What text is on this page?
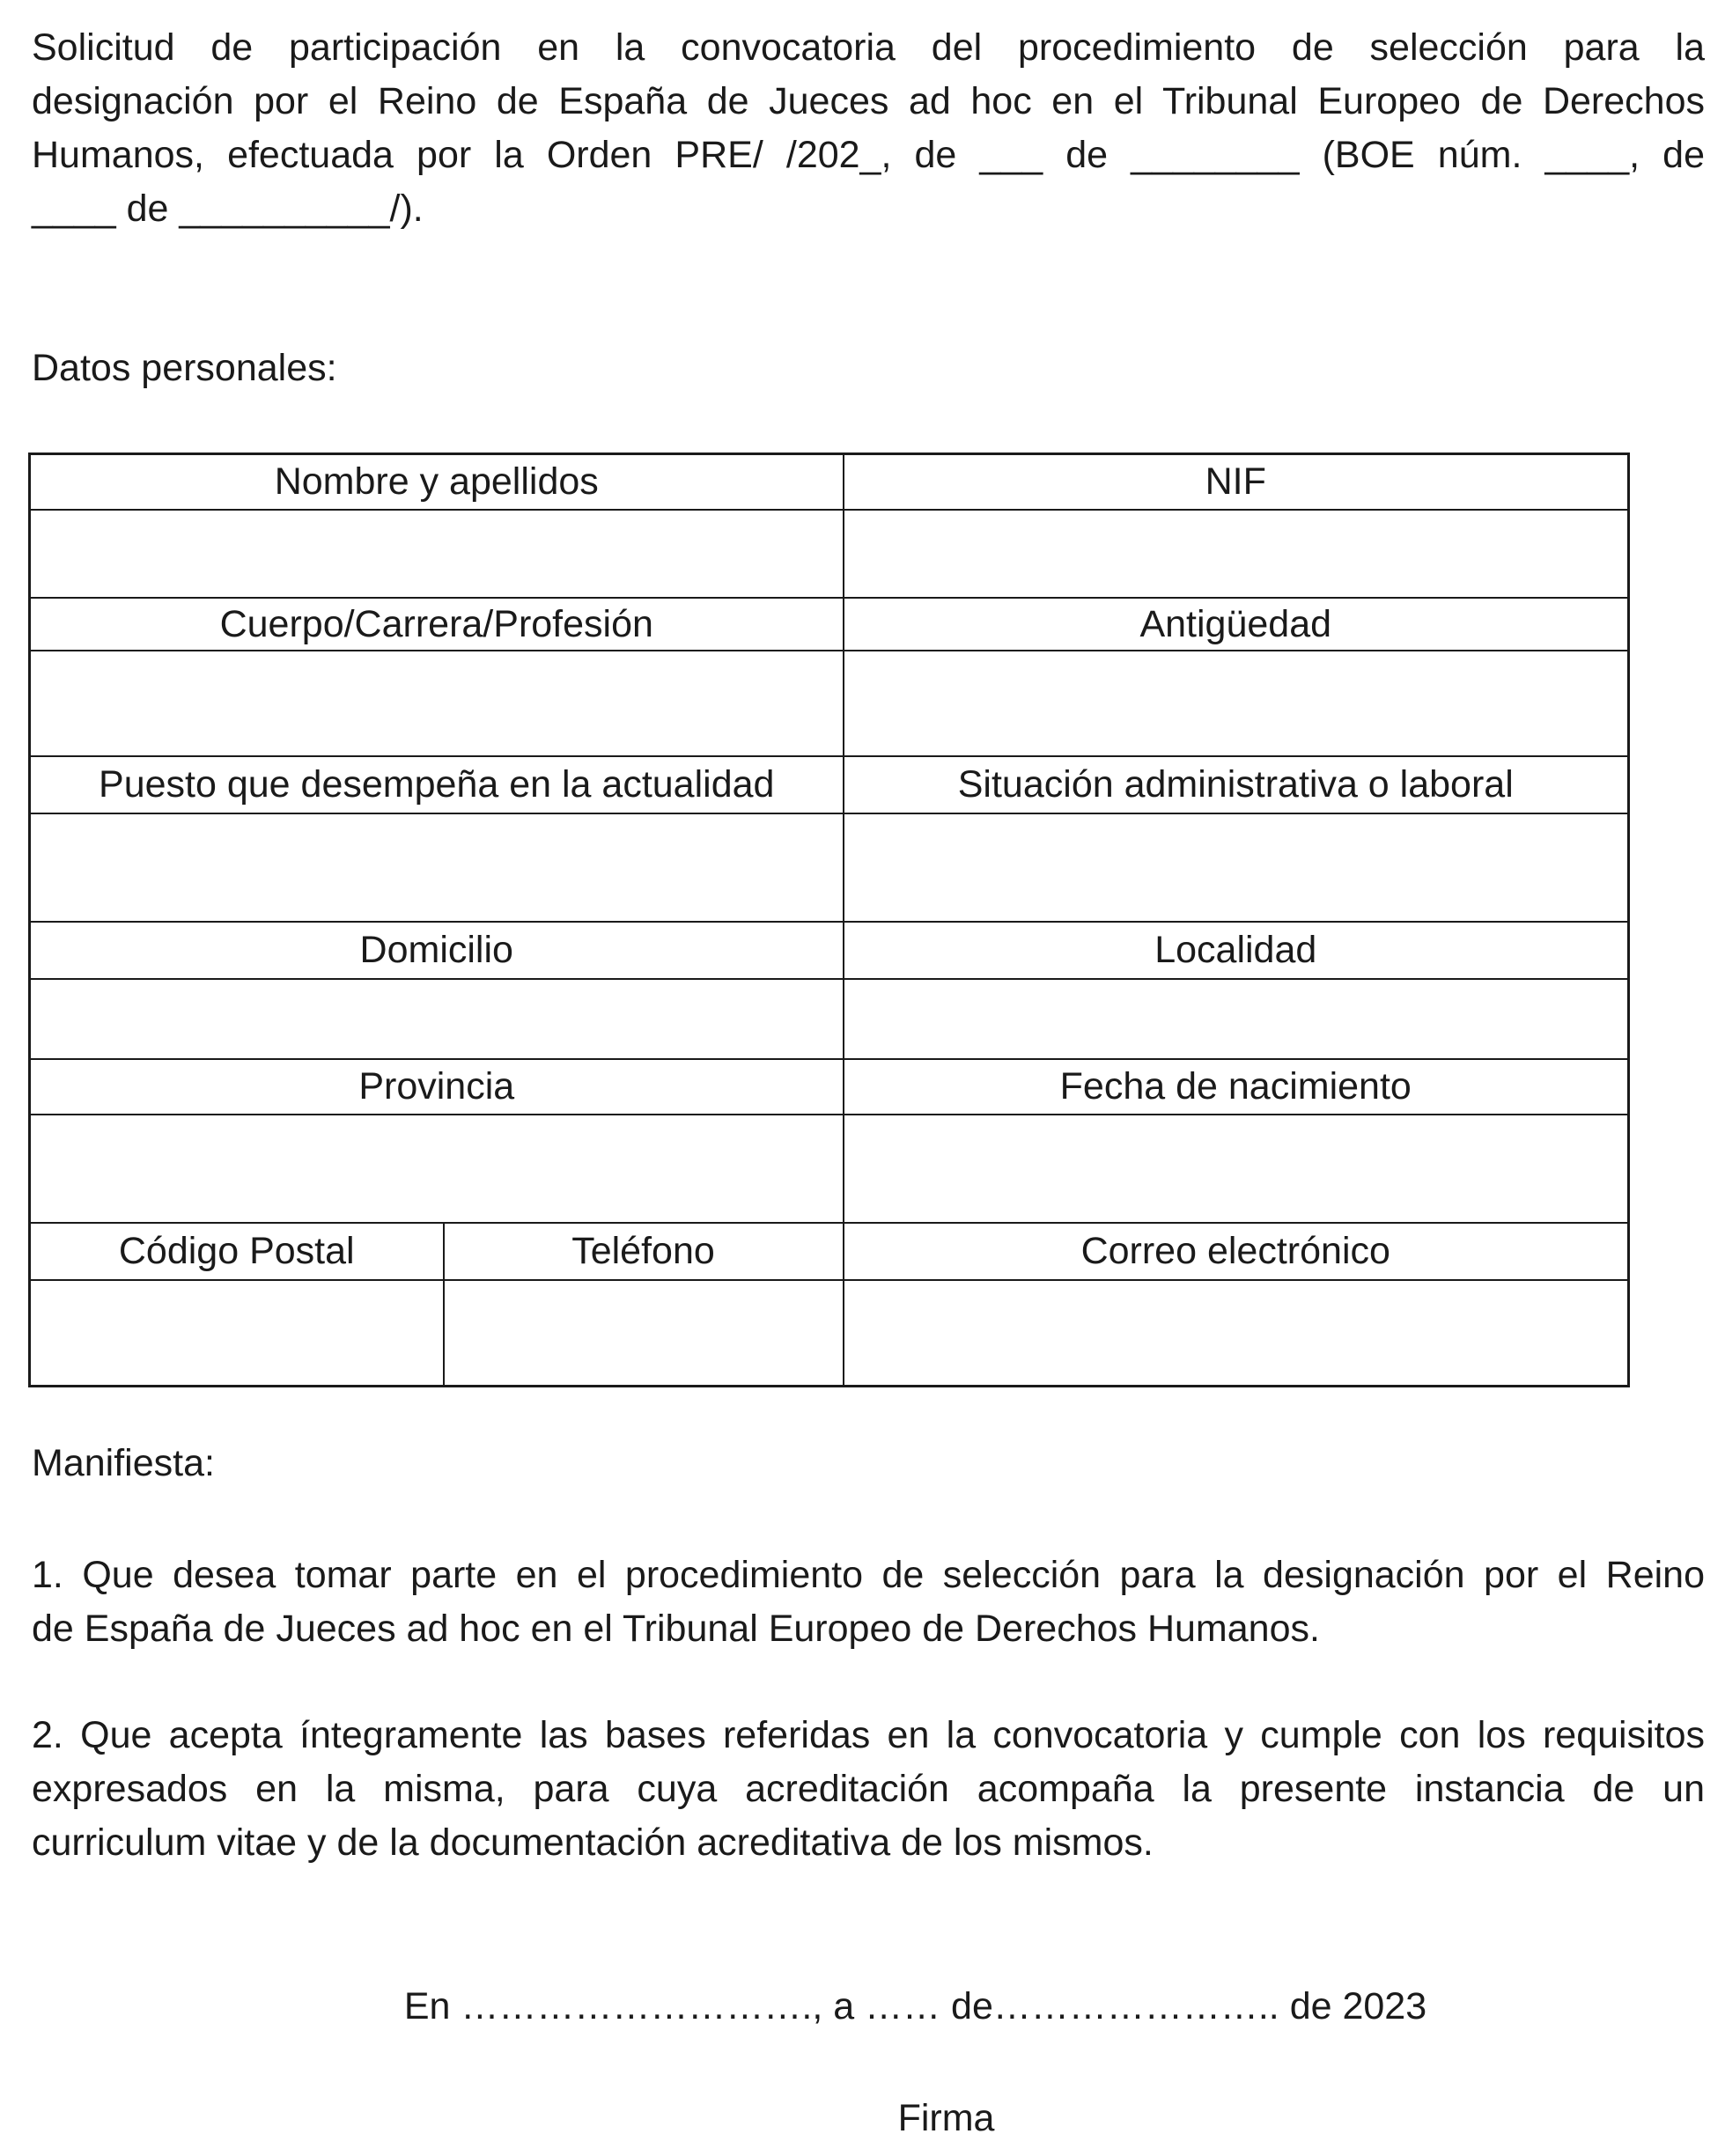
Solicitud de participación en la convocatoria del procedimiento de selección para la
designación por el Reino de España de Jueces ad hoc en el Tribunal Europeo de Derechos
Humanos, efectuada por la Orden PRE/ /202_, de ___ de ________ (BOE núm. ____, de
____ de __________/).

Datos personales:

Nombre y apellidos		NIF

Cuerpo/Carrera/Profesión		Antigüedad

Puesto que desempeña en la actualidad		Situación administrativa o laboral

Domicilio		Localidad

Provincia		Fecha de nacimiento

Código Postal	Teléfono	Correo electrónico

Manifiesta:

1. Que desea tomar parte en el procedimiento de selección para la designación por el Reino
de España de Jueces ad hoc en el Tribunal Europeo de Derechos Humanos.

2. Que acepta íntegramente las bases referidas en la convocatoria y cumple con los requisitos
expresados en la misma, para cuya acreditación acompaña la presente instancia de un
curriculum vitae y de la documentación acreditativa de los mismos.

En ………………………., a …… de………………….. de 2023
Firma
